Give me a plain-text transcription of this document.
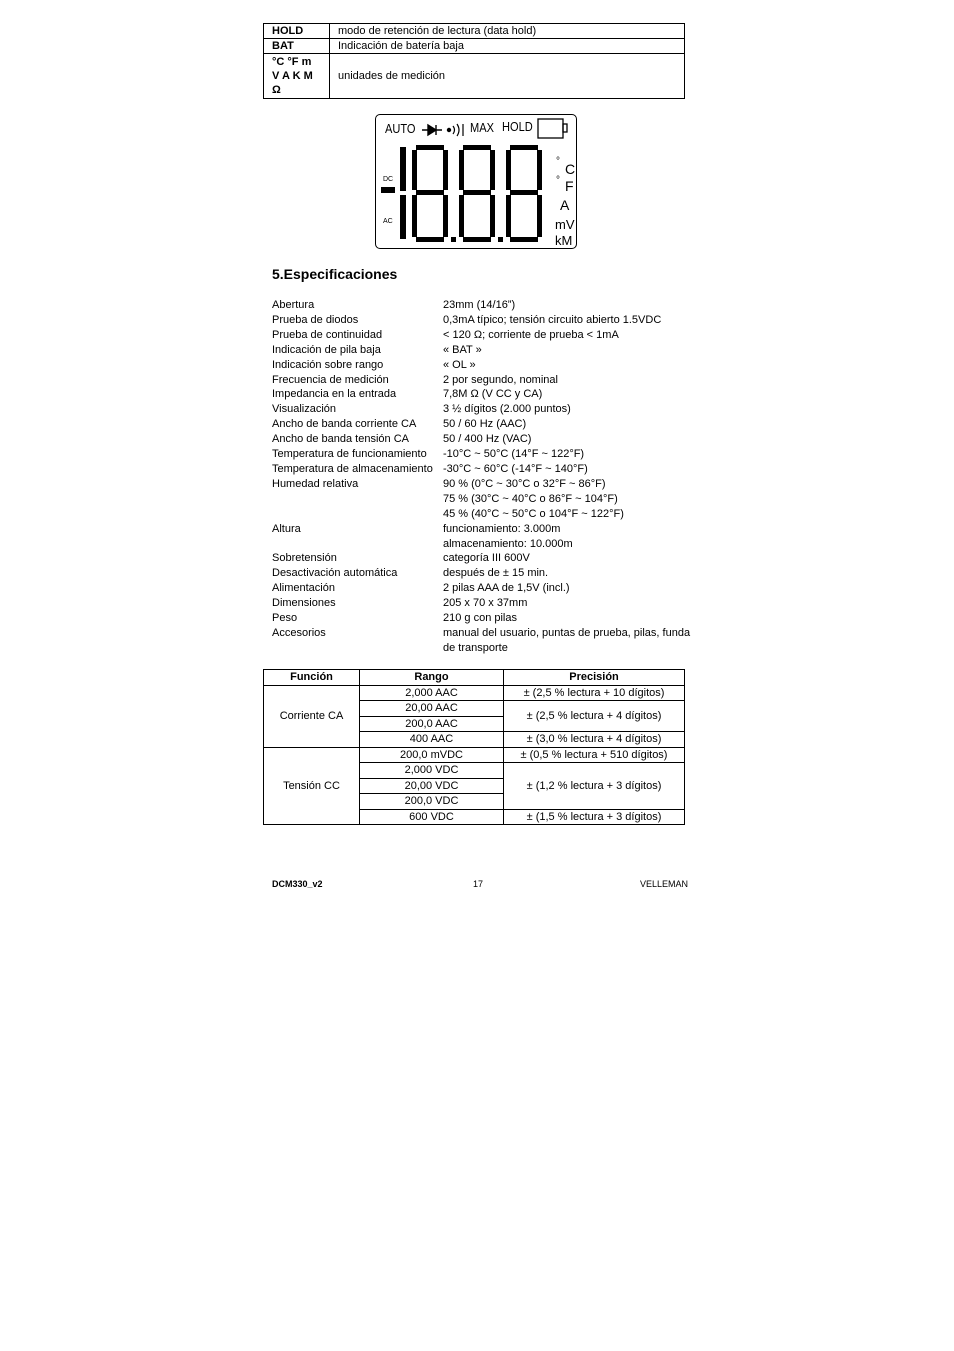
HOLD	modo de retención de lectura (data hold)
BAT	Indicación de batería baja

°C °F m
V A K M
Ω	unidades de medición
AUTO	MAX HOLD
DC
AC
° C
° F
A
mV
kM
5.Especificaciones
Abertura	23mm (14/16”)
Prueba de diodos	0,3mA típico; tensión circuito abierto 1.5VDC
Prueba de continuidad	< 120 Ω; corriente de prueba < 1mA
Indicación de pila baja	« BAT »
Indicación sobre rango	« OL »
Frecuencia de medición	2 por segundo, nominal
Impedancia en la entrada	7,8M Ω (V CC y CA)
Visualización	3 ½ dígitos (2.000 puntos)
Ancho de banda corriente CA	50 / 60 Hz (AAC)
Ancho de banda tensión CA	50 / 400 Hz (VAC)
Temperatura de funcionamiento	-10°C ~ 50°C (14°F ~ 122°F)
Temperatura de almacenamiento -30°C ~ 60°C (-14°F ~ 140°F)
Humedad relativa	90 % (0°C ~ 30°C o 32°F ~ 86°F)
75 % (30°C ~ 40°C o 86°F ~ 104°F)
45 % (40°C ~ 50°C o 104°F ~ 122°F)
Altura	funcionamiento: 3.000m
almacenamiento: 10.000m
Sobretensión	categoría III 600V
Desactivación automática	después de ± 15 min.
Alimentación	2 pilas AAA de 1,5V (incl.)
Dimensiones	205 x 70 x 37mm
Peso	210 g con pilas
Accesorios	manual del usuario, puntas de prueba, pilas, funda
de transporte
Función	Rango	Precisión
Corriente CA	2,000 AAC	± (2,5 % lectura + 10 dígitos)
	20,00 AAC	± (2,5 % lectura + 4 dígitos)
	200,0 AAC	
	400 AAC	± (3,0 % lectura + 4 dígitos)
Tensión CC	200,0 mVDC	± (0,5 % lectura + 510 dígitos)
	2,000 VDC	± (1,2 % lectura + 3 dígitos)
	20,00 VDC	
	200,0 VDC	
	600 VDC	± (1,5 % lectura + 3 dígitos)
DCM330_v2	17	VELLEMAN
